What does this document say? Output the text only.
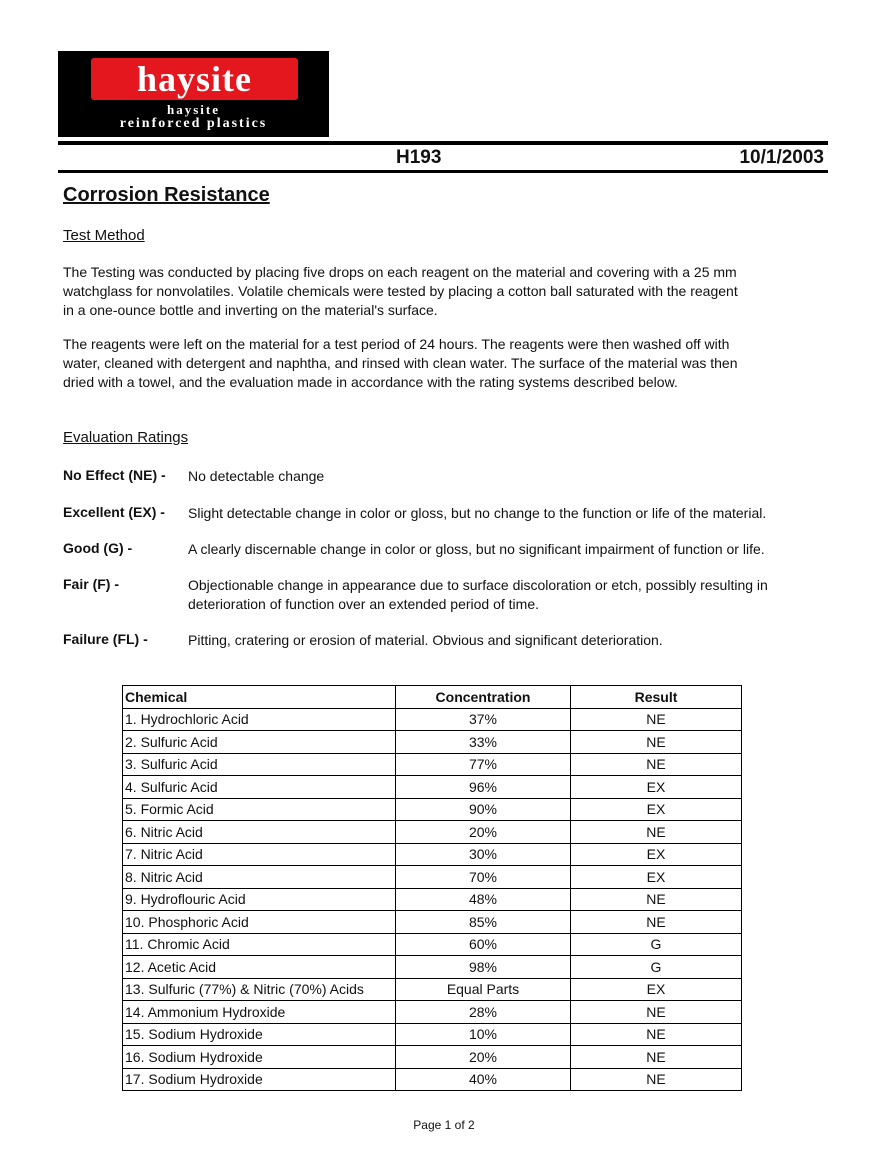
haysite
haysite
reinforced plastics
H193	10/1/2003
Corrosion Resistance
Test Method
The Testing was conducted by placing five drops on each reagent on the material and covering with a 25 mm
watchglass for nonvolatiles. Volatile chemicals were tested by placing a cotton ball saturated with the reagent
in a one-ounce bottle and inverting on the material's surface.
The reagents were left on the material for a test period of 24 hours. The reagents were then washed off with
water, cleaned with detergent and naphtha, and rinsed with clean water. The surface of the material was then
dried with a towel, and the evaluation made in accordance with the rating systems described below.
Evaluation Ratings
No Effect (NE) - No detectable change
Excellent (EX) - Slight detectable change in color or gloss, but no change to the function or life of the material.
Good (G) -	A clearly discernable change in color or gloss, but no significant impairment of function or life.
Fair (F) -	Objectionable change in appearance due to surface discoloration or etch, possibly resulting in deterioration of function over an extended period of time.
Failure (FL) -	Pitting, cratering or erosion of material. Obvious and significant deterioration.
Chemical	Concentration	Result
1. Hydrochloric Acid	37%	NE
2. Sulfuric Acid	33%	NE
3. Sulfuric Acid	77%	NE
4. Sulfuric Acid	96%	EX
5. Formic Acid	90%	EX
6. Nitric Acid	20%	NE
7. Nitric Acid	30%	EX
8. Nitric Acid	70%	EX
9. Hydroflouric Acid	48%	NE
10. Phosphoric Acid	85%	NE
11. Chromic Acid	60%	G
12. Acetic Acid	98%	G
13. Sulfuric (77%) & Nitric (70%) Acids	Equal Parts	EX
14. Ammonium Hydroxide	28%	NE
15. Sodium Hydroxide	10%	NE
16. Sodium Hydroxide	20%	NE
17. Sodium Hydroxide	40%	NE
Page 1 of 2
